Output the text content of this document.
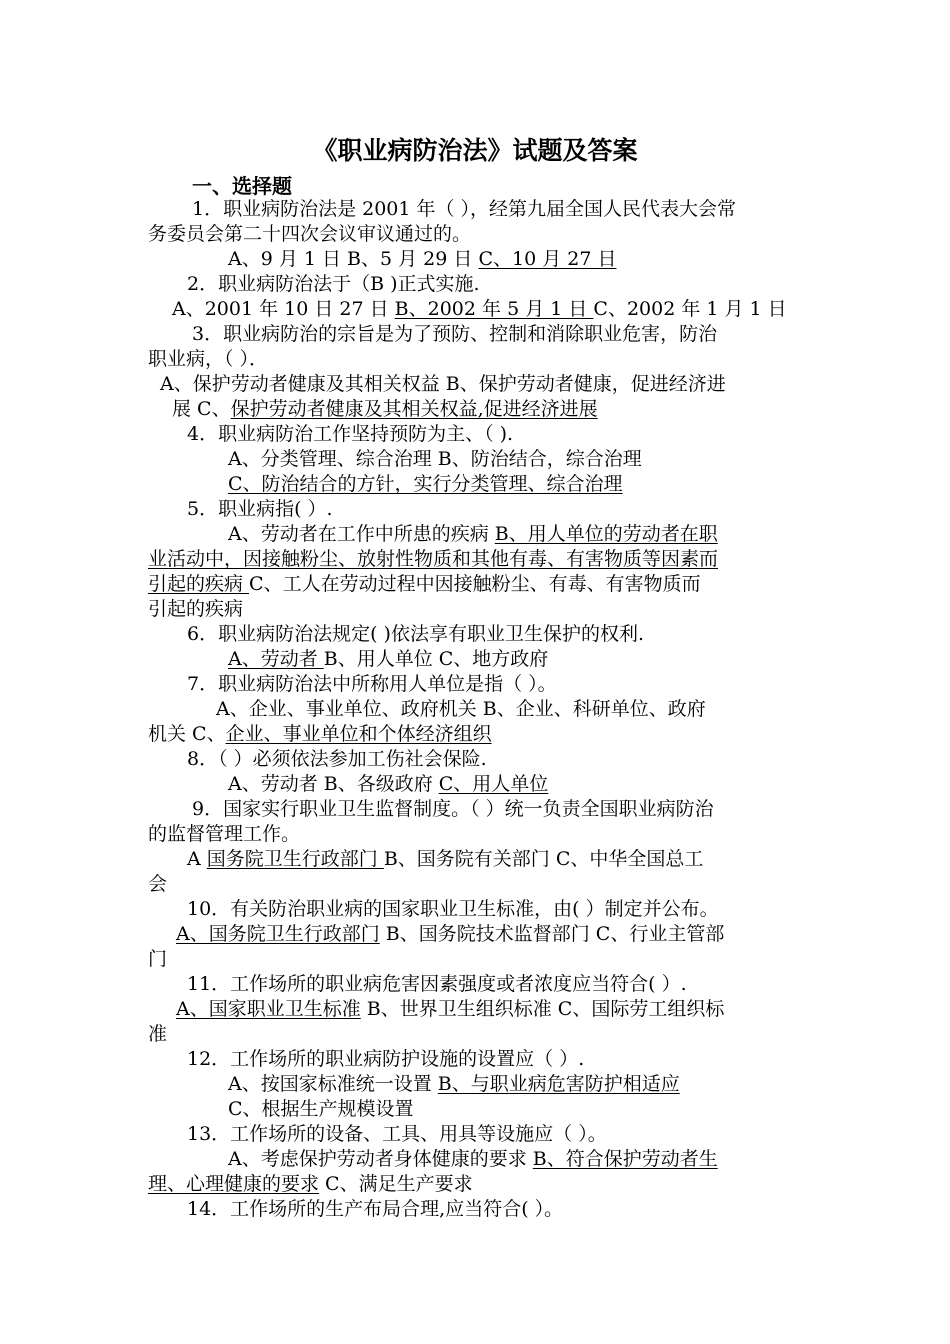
《职业病防治法》试题及答案
一、选择题
1．职业病防治法是 2001 年（ ），经第九届全国人民代表大会常
务委员会第二十四次会议审议通过的。
A、9 月 1 日 B、5 月 29 日 C、10 月 27 日
2．职业病防治法于（B )正式实施.
A、2001 年 10 日 27 日 B、2002 年 5 月 1 日 C、2002 年 1 月 1 日
3．职业病防治的宗旨是为了预防、控制和消除职业危害，防治
职业病，（ ）．
A、保护劳动者健康及其相关权益 B、保护劳动者健康，促进经济进
展 C、保护劳动者健康及其相关权益,促进经济进展
4．职业病防治工作坚持预防为主、（ ).
A、分类管理、综合治理 B、防治结合，综合治理
C、防治结合的方针，实行分类管理、综合治理
5．职业病指( ）.
A、劳动者在工作中所患的疾病 B、用人单位的劳动者在职
业活动中，因接触粉尘、放射性物质和其他有毒、有害物质等因素而
引起的疾病 C、工人在劳动过程中因接触粉尘、有毒、有害物质而
引起的疾病
6．职业病防治法规定( )依法享有职业卫生保护的权利.
A、劳动者 B、用人单位 C、地方政府
7．职业病防治法中所称用人单位是指（ ）。
A、企业、事业单位、政府机关 B、企业、科研单位、政府
机关 C、企业、事业单位和个体经济组织
8．（ ）必须依法参加工伤社会保险.
A、劳动者 B、各级政府 C、用人单位
9．国家实行职业卫生监督制度。（ ）统一负责全国职业病防治
的监督管理工作。
A 国务院卫生行政部门 B、国务院有关部门 C、中华全国总工
会
10．有关防治职业病的国家职业卫生标准，由( ）制定并公布。
A、国务院卫生行政部门 B、国务院技术监督部门 C、行业主管部
门
11．工作场所的职业病危害因素强度或者浓度应当符合( ）.
A、国家职业卫生标准 B、世界卫生组织标准 C、国际劳工组织标
准
12．工作场所的职业病防护设施的设置应（ ）.
A、按国家标准统一设置 B、与职业病危害防护相适应
C、根据生产规模设置
13．工作场所的设备、工具、用具等设施应（ ）。
A、考虑保护劳动者身体健康的要求 B、符合保护劳动者生
理、心理健康的要求 C、满足生产要求
14．工作场所的生产布局合理,应当符合( ）。
